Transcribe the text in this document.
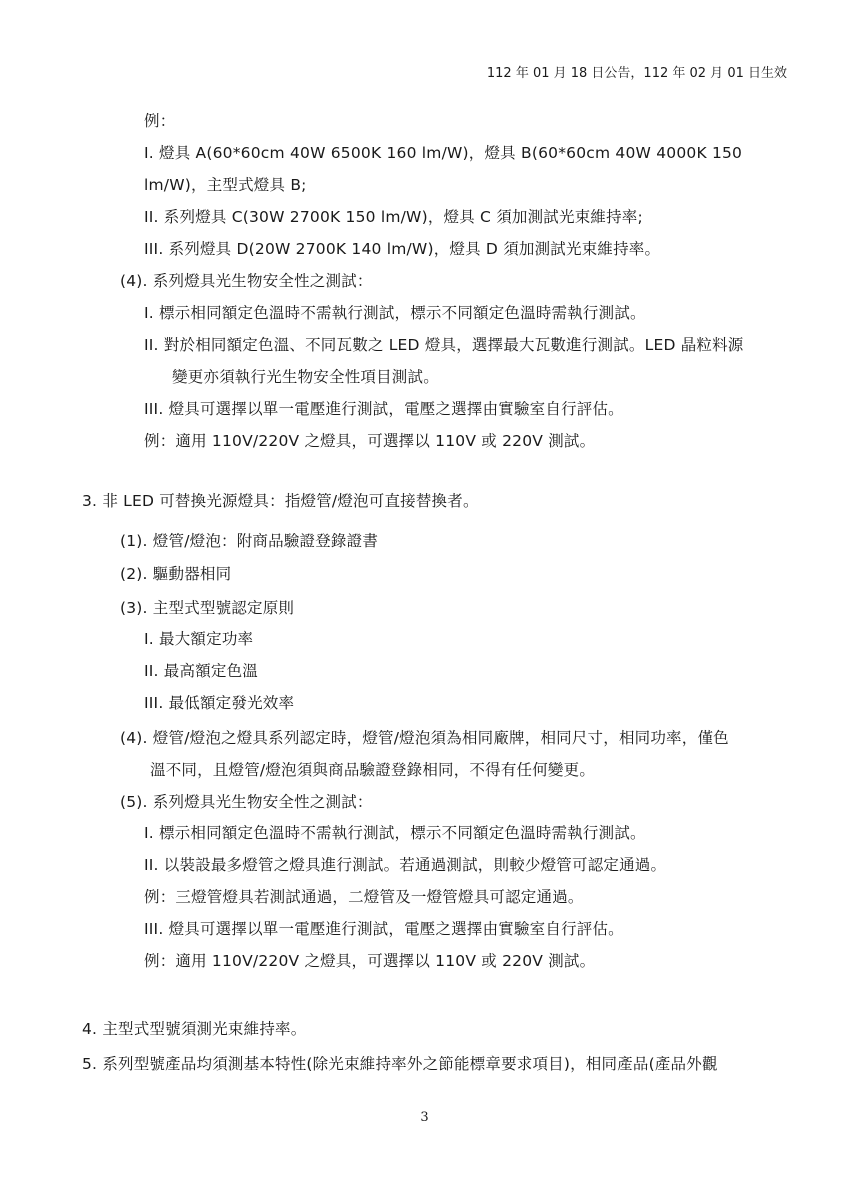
112 年 01 月 18 日公告，112 年 02 月 01 日生效
例：
I. 燈具 A(60*60cm 40W 6500K 160 lm/W)，燈具 B(60*60cm 40W 4000K 150
lm/W)，主型式燈具 B;
II. 系列燈具 C(30W 2700K 150 lm/W)，燈具 C 須加測試光束維持率;
III. 系列燈具 D(20W 2700K 140 lm/W)，燈具 D 須加測試光束維持率。
(4). 系列燈具光生物安全性之測試：
I. 標示相同額定色溫時不需執行測試，標示不同額定色溫時需執行測試。
II. 對於相同額定色溫、不同瓦數之 LED 燈具，選擇最大瓦數進行測試。LED 晶粒料源
變更亦須執行光生物安全性項目測試。
III. 燈具可選擇以單一電壓進行測試，電壓之選擇由實驗室自行評估。
例：適用 110V/220V 之燈具，可選擇以 110V 或 220V 測試。
3. 非 LED 可替換光源燈具：指燈管/燈泡可直接替換者。
(1). 燈管/燈泡：附商品驗證登錄證書
(2). 驅動器相同
(3). 主型式型號認定原則
I. 最大額定功率
II. 最高額定色溫
III. 最低額定發光效率
(4). 燈管/燈泡之燈具系列認定時，燈管/燈泡須為相同廠牌，相同尺寸，相同功率，僅色
溫不同，且燈管/燈泡須與商品驗證登錄相同，不得有任何變更。
(5). 系列燈具光生物安全性之測試：
I. 標示相同額定色溫時不需執行測試，標示不同額定色溫時需執行測試。
II. 以裝設最多燈管之燈具進行測試。若通過測試，則較少燈管可認定通過。
例：三燈管燈具若測試通過，二燈管及一燈管燈具可認定通過。
III. 燈具可選擇以單一電壓進行測試，電壓之選擇由實驗室自行評估。
例：適用 110V/220V 之燈具，可選擇以 110V 或 220V 測試。
4. 主型式型號須測光束維持率。
5. 系列型號產品均須測基本特性(除光束維持率外之節能標章要求項目)，相同產品(產品外觀
3
